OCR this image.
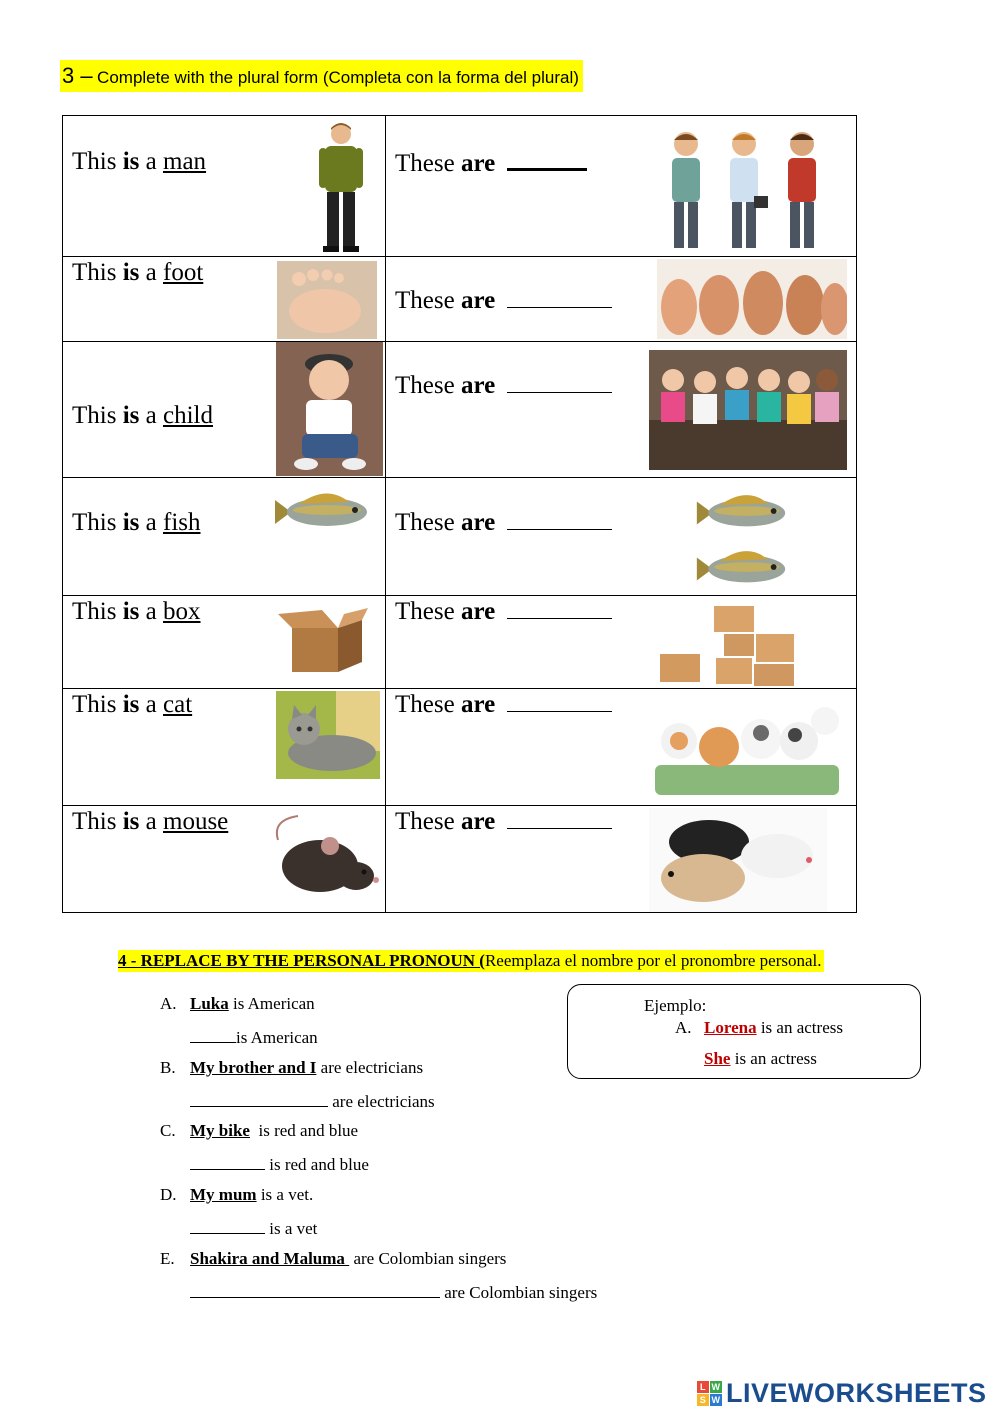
3 – Complete with the plural form (Completa con la forma del plural)
This is a man	These are

This is a foot	These are

This is a child	These are

This is a fish	These are

This is a box	These are

This is a cat	These are

This is a mouse	These are
4 - REPLACE BY THE PERSONAL PRONOUN (Reemplaza el nombre por el pronombre personal.
A. Luka is American
is American
B. My brother and I are electricians
are electricians
C. My bike  is red and blue
is red and blue
D. My mum is a vet.
is a vet
E. Shakira and Maluma  are Colombian singers
are Colombian singers
Ejemplo:
A. Lorena is an actress
She is an actress
L W
S W LIVEWORKSHEETS
